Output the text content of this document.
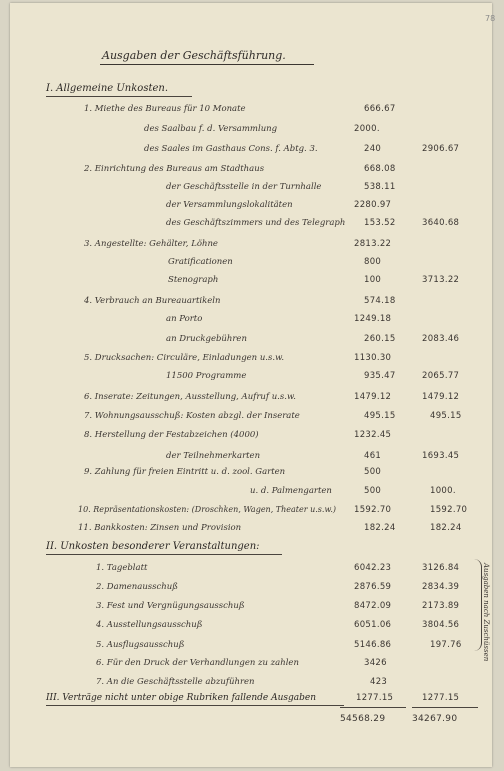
78
Ausgaben der Geschäftsführung.
I. Allgemeine Unkosten.
1. Miethe des Bureaus für 10 Monate	666.67
des Saalbau f. d. Versammlung	2000.
des Saales im Gasthaus Cons. f. Abtg. 3.	240	2906.67
2. Einrichtung des Bureaus am Stadthaus	668.08
der Geschäftsstelle in der Turnhalle	538.11
der Versammlungslokalitäten	2280.97
des Geschäftszimmers und des Telegraph 153.52	3640.68
3. Angestellte: Gehälter, Löhne	2813.22
Gratificationen	800
Stenograph	100	3713.22
4. Verbrauch an Bureauartikeln	574.18
an Porto	1249.18
an Druckgebühren	260.15	2083.46
5. Drucksachen: Circuläre, Einladungen u.s.w.	1130.30
11500 Programme	935.47	2065.77
6. Inserate: Zeitungen, Ausstellung, Aufruf u.s.w.	1479.12	1479.12
7. Wohnungsausschuß: Kosten abzgl. der Inserate	495.15	495.15
8. Herstellung der Festabzeichen (4000)	1232.45
der Teilnehmerkarten	461	1693.45
9. Zahlung für freien Eintritt u. d. zool. Garten	500
u. d. Palmengarten	500	1000.
10. Repräsentationskosten: (Droschken, Wagen, Theater u.s.w.) 1592.70	1592.70
11. Bankkosten: Zinsen und Provision	182.24	182.24
II. Unkosten besonderer Veranstaltungen:
1. Tageblatt	6042.23	3126.84
2. Damenausschuß	2876.59	2834.39
3. Fest und Vergnügungsausschuß	8472.09	2173.89
4. Ausstellungsausschuß	6051.06	3804.56
5. Ausflugsausschuß	5146.86	197.76
6. Für den Druck der Verhandlungen zu zahlen	3426
7. An die Geschäftsstelle abzuführen	423
Ausgaben nach Zuschüssen
III. Verträge nicht unter obige Rubriken fallende Ausgaben	1277.15	1277.15
54568.29	34267.90
